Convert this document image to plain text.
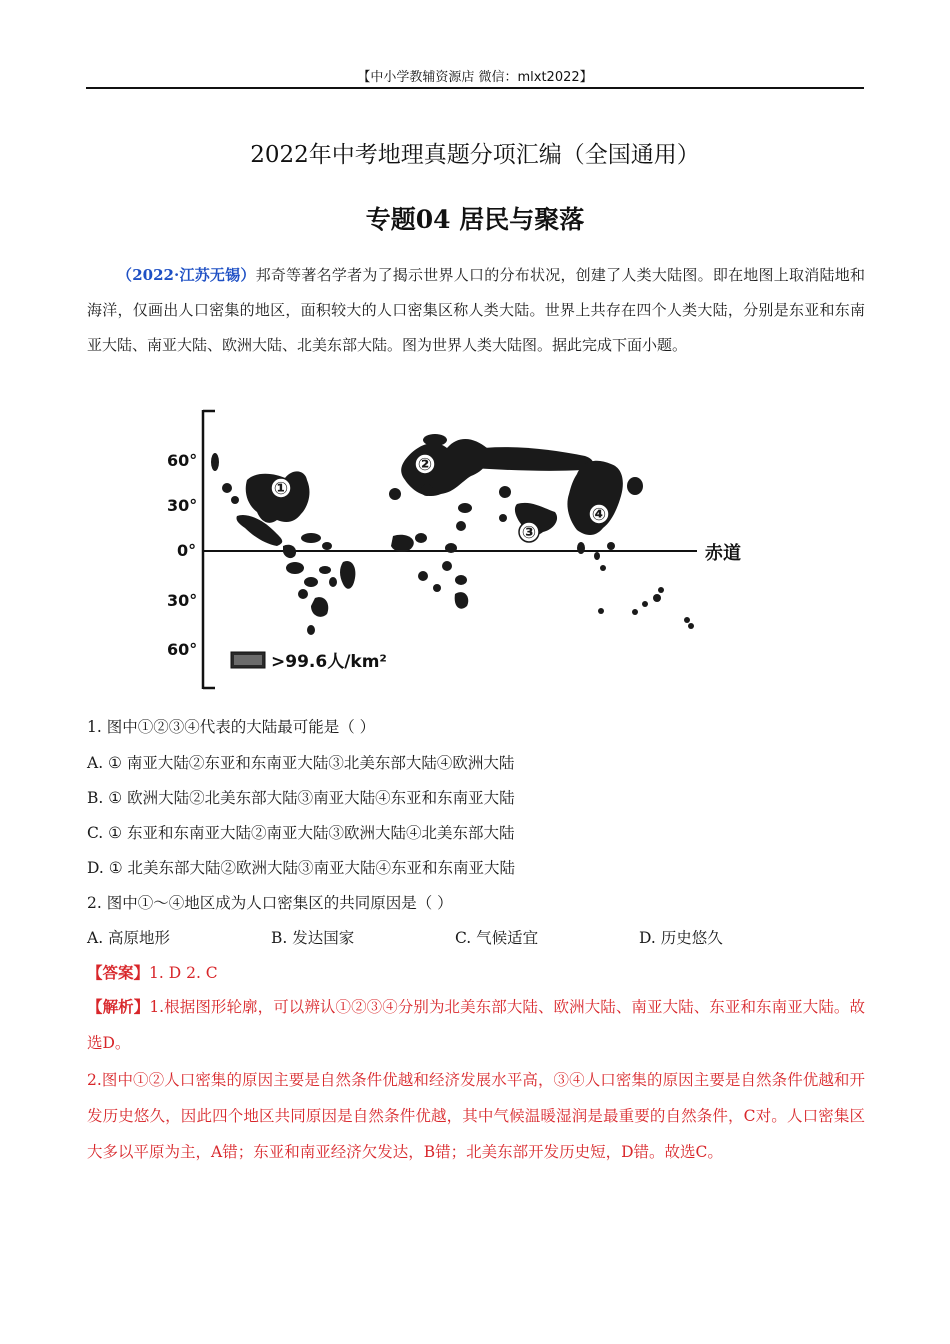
【中小学教辅资源店 微信：mlxt2022】
2022年中考地理真题分项汇编（全国通用）
专题04 居民与聚落
（2022·江苏无锡）邦奇等著名学者为了揭示世界人口的分布状况，创建了人类大陆图。即在地图上取消陆地和海洋，仅画出人口密集的地区，面积较大的人口密集区称人类大陆。世界上共存在四个人类大陆，分别是东亚和东南亚大陆、南亚大陆、欧洲大陆、北美东部大陆。图为世界人类大陆图。据此完成下面小题。
60°
30°
0°
30°
60°
赤道
①
②
③
④
>99.6人/km²
1. 图中①②③④代表的大陆最可能是（ ）
A. ① 南亚大陆②东亚和东南亚大陆③北美东部大陆④欧洲大陆
B. ① 欧洲大陆②北美东部大陆③南亚大陆④东亚和东南亚大陆
C. ① 东亚和东南亚大陆②南亚大陆③欧洲大陆④北美东部大陆
D. ① 北美东部大陆②欧洲大陆③南亚大陆④东亚和东南亚大陆
2. 图中①～④地区成为人口密集区的共同原因是（ ）
A. 高原地形	B. 发达国家	C. 气候适宜	D. 历史悠久
【答案】1. D 2. C
【解析】1.根据图形轮廓，可以辨认①②③④分别为北美东部大陆、欧洲大陆、南亚大陆、东亚和东南亚大陆。故选D。
2.图中①②人口密集的原因主要是自然条件优越和经济发展水平高，③④人口密集的原因主要是自然条件优越和开发历史悠久，因此四个地区共同原因是自然条件优越，其中气候温暖湿润是最重要的自然条件，C对。人口密集区大多以平原为主，A错；东亚和南亚经济欠发达，B错；北美东部开发历史短，D错。故选C。
